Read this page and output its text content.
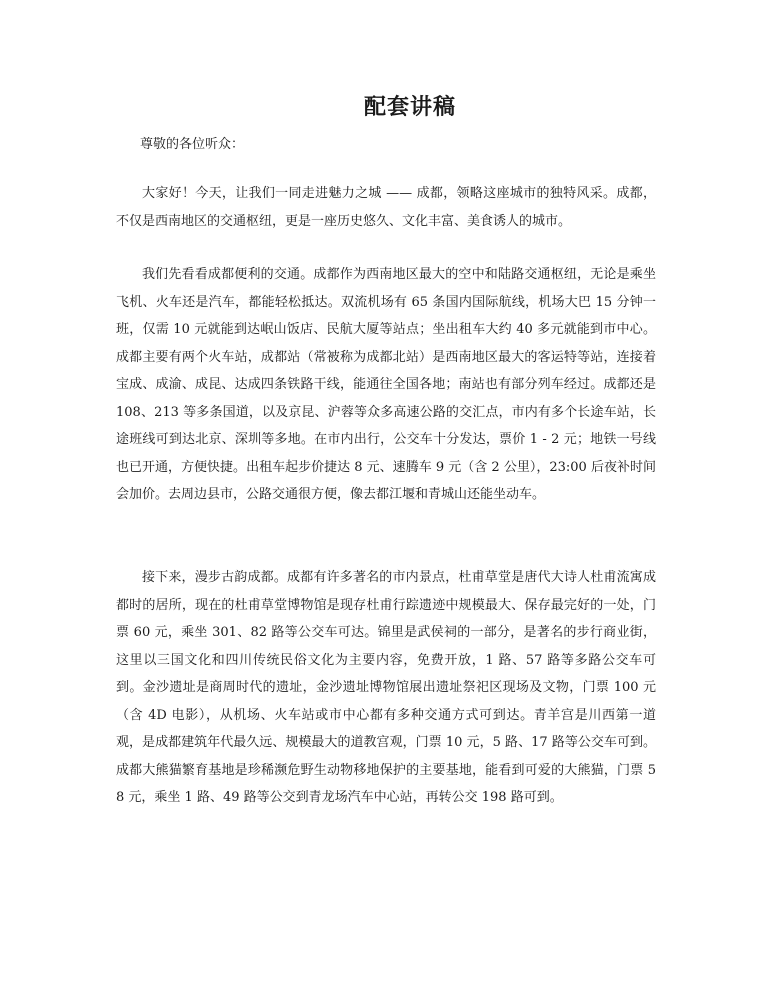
配套讲稿

尊敬的各位听众：

大家好！今天，让我们一同走进魅力之城 —— 成都，领略这座城市的独特风采。成都，不仅是西南地区的交通枢纽，更是一座历史悠久、文化丰富、美食诱人的城市。

我们先看看成都便利的交通。成都作为西南地区最大的空中和陆路交通枢纽，无论是乘坐飞机、火车还是汽车，都能轻松抵达。双流机场有 65 条国内国际航线，机场大巴 15 分钟一班，仅需 10 元就能到达岷山饭店、民航大厦等站点；坐出租车大约 40 多元就能到市中心。成都主要有两个火车站，成都站（常被称为成都北站）是西南地区最大的客运特等站，连接着宝成、成渝、成昆、达成四条铁路干线，能通往全国各地；南站也有部分列车经过。成都还是 108、213 等多条国道，以及京昆、沪蓉等众多高速公路的交汇点，市内有多个长途车站，长途班线可到达北京、深圳等多地。在市内出行，公交车十分发达，票价 1 - 2 元；地铁一号线也已开通，方便快捷。出租车起步价捷达 8 元、速腾车 9 元（含 2 公里），23:00 后夜补时间会加价。去周边县市，公路交通很方便，像去都江堰和青城山还能坐动车。

接下来，漫步古韵成都。成都有许多著名的市内景点，杜甫草堂是唐代大诗人杜甫流寓成都时的居所，现在的杜甫草堂博物馆是现存杜甫行踪遗迹中规模最大、保存最完好的一处，门票 60 元，乘坐 301、82 路等公交车可达。锦里是武侯祠的一部分，是著名的步行商业街，这里以三国文化和四川传统民俗文化为主要内容，免费开放，1 路、57 路等多路公交车可到。金沙遗址是商周时代的遗址，金沙遗址博物馆展出遗址祭祀区现场及文物，门票 100 元（含 4D 电影），从机场、火车站或市中心都有多种交通方式可到达。青羊宫是川西第一道观，是成都建筑年代最久远、规模最大的道教宫观，门票 10 元，5 路、17 路等公交车可到。成都大熊猫繁育基地是珍稀濒危野生动物移地保护的主要基地，能看到可爱的大熊猫，门票 58 元，乘坐 1 路、49 路等公交到青龙场汽车中心站，再转公交 198 路可到。
